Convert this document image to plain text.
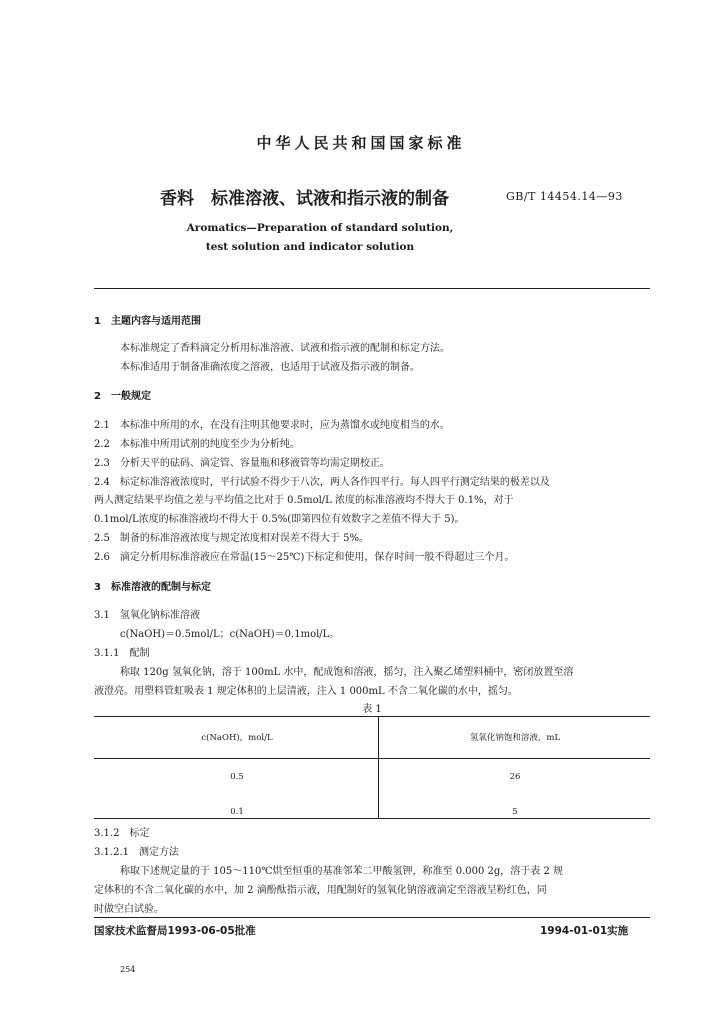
中华人民共和国国家标准
香料　标准溶液、试液和指示液的制备	GB/T 14454.14—93
Aromatics—Preparation of standard solution,
test solution and indicator solution
1　主题内容与适用范围
本标准规定了香料滴定分析用标准溶液、试液和指示液的配制和标定方法。
本标准适用于制备准确浓度之溶液，也适用于试液及指示液的制备。
2　一般规定
2.1　本标准中所用的水，在没有注明其他要求时，应为蒸馏水或纯度相当的水。
2.2　本标准中所用试剂的纯度至少为分析纯。
2.3　分析天平的砝码、滴定管、容量瓶和移液管等均需定期校正。
2.4　标定标准溶液浓度时，平行试验不得少于八次，两人各作四平行。每人四平行测定结果的极差以及
两人测定结果平均值之差与平均值之比对于 0.5mol/L 浓度的标准溶液均不得大于 0.1%，对于
0.1mol/L浓度的标准溶液均不得大于 0.5%(即第四位有效数字之差值不得大于 5)。
2.5　制备的标准溶液浓度与规定浓度相对误差不得大于 5%。
2.6　滴定分析用标准溶液应在常温(15～25℃)下标定和使用，保存时间一般不得超过三个月。
3　标准溶液的配制与标定
3.1　氢氧化钠标准溶液
c(NaOH)＝0.5mol/L；c(NaOH)＝0.1mol/L。
3.1.1　配制
称取 120g 氢氧化钠，溶于 100mL 水中，配成饱和溶液，摇匀，注入聚乙烯塑料桶中，密闭放置至溶
液澄亮。用塑料管虹吸表 1 规定体积的上层清液，注入 1 000mL 不含二氧化碳的水中，摇匀。
表 1
c(NaOH)，mol/L	氢氧化钠饱和溶液，mL
0.5	26
0.1	5
3.1.2　标定
3.1.2.1　测定方法
称取下述规定量的于 105～110℃烘至恒重的基准邻苯二甲酸氢钾，称准至 0.000 2g，溶于表 2 规
定体积的不含二氧化碳的水中，加 2 滴酚酞指示液，用配制好的氢氧化钠溶液滴定至溶液呈粉红色，同
时做空白试验。
国家技术监督局1993-06-05批准	1994-01-01实施
254
